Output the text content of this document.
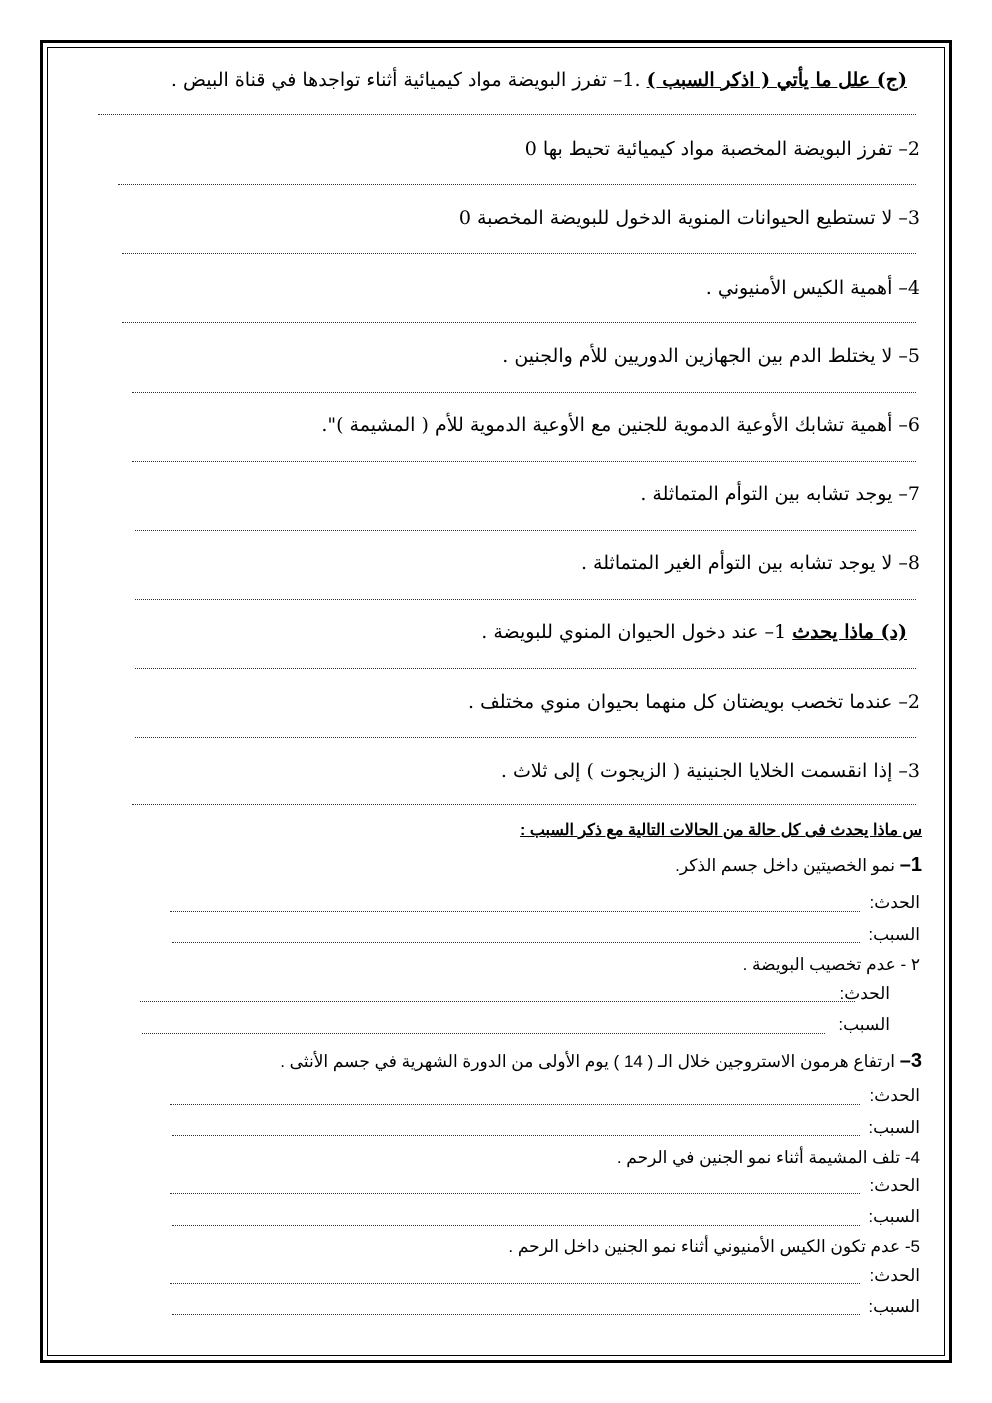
(ج) علل ما يأتي ( اذكر السبب ) .1– تفرز البويضة مواد كيميائية أثناء تواجدها في قناة البيض .
2– تفرز البويضة المخصبة مواد كيميائية تحيط بها 0
3– لا تستطيع الحيوانات المنوية الدخول للبويضة المخصبة 0
4– أهمية الكيس الأمنيوني .
5– لا يختلط الدم بين الجهازين الدوريين للأم والجنين .
6– أهمية تشابك الأوعية الدموية للجنين مع الأوعية الدموية للأم ( المشيمة )".
7– يوجد تشابه بين التوأم المتماثلة .
8– لا يوجد تشابه بين التوأم الغير المتماثلة .
(د) ماذا يحدث 1– عند دخول الحيوان المنوي للبويضة .
2– عندما تخصب بويضتان كل منهما بحيوان منوي مختلف .
3– إذا انقسمت الخلايا الجنينية ( الزيجوت ) إلى ثلاث .
س ماذا يحدث فى كل حالة من الحالات التالية مع ذكر السبب :
1– نمو الخصيتين داخل جسم الذكر.
الحدث:
السبب:
٢ - عدم تخصيب البويضة .
الحدث:
السبب:
3– ارتفاع هرمون الاستروجين خلال الـ ( 14 ) يوم الأولى من الدورة الشهرية في جسم الأنثى .
الحدث:
السبب:
4- تلف المشيمة أثناء نمو الجنين في الرحم .
الحدث:
السبب:
5- عدم تكون الكيس الأمنيوني أثناء نمو الجنين داخل الرحم .
الحدث:
السبب:
